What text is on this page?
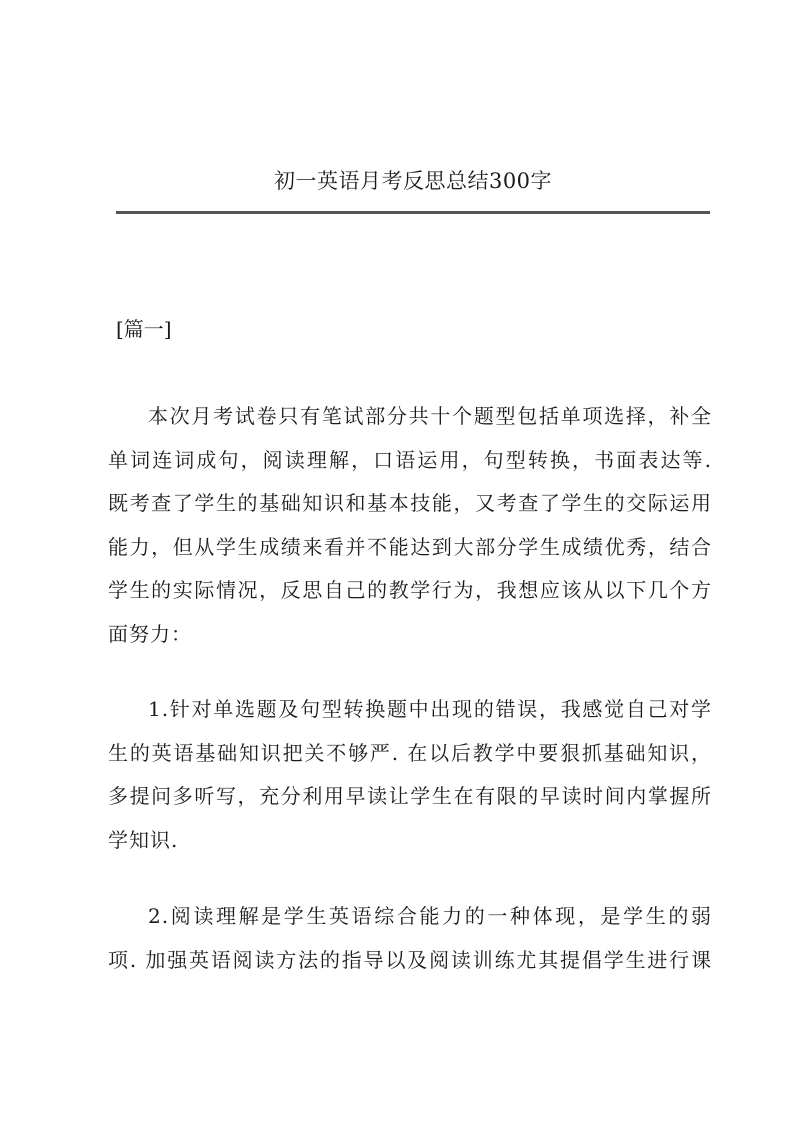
初一英语月考反思总结300字
[篇一]
本次月考试卷只有笔试部分共十个题型包括单项选择，补全
单词连词成句，阅读理解，口语运用，句型转换，书面表达等.
既考查了学生的基础知识和基本技能，又考查了学生的交际运用
能力，但从学生成绩来看并不能达到大部分学生成绩优秀，结合
学生的实际情况，反思自己的教学行为，我想应该从以下几个方
面努力：
1.针对单选题及句型转换题中出现的错误，我感觉自己对学
生的英语基础知识把关不够严. 在以后教学中要狠抓基础知识，
多提问多听写，充分利用早读让学生在有限的早读时间内掌握所
学知识.
2.阅读理解是学生英语综合能力的一种体现，是学生的弱
项. 加强英语阅读方法的指导以及阅读训练尤其提倡学生进行课
